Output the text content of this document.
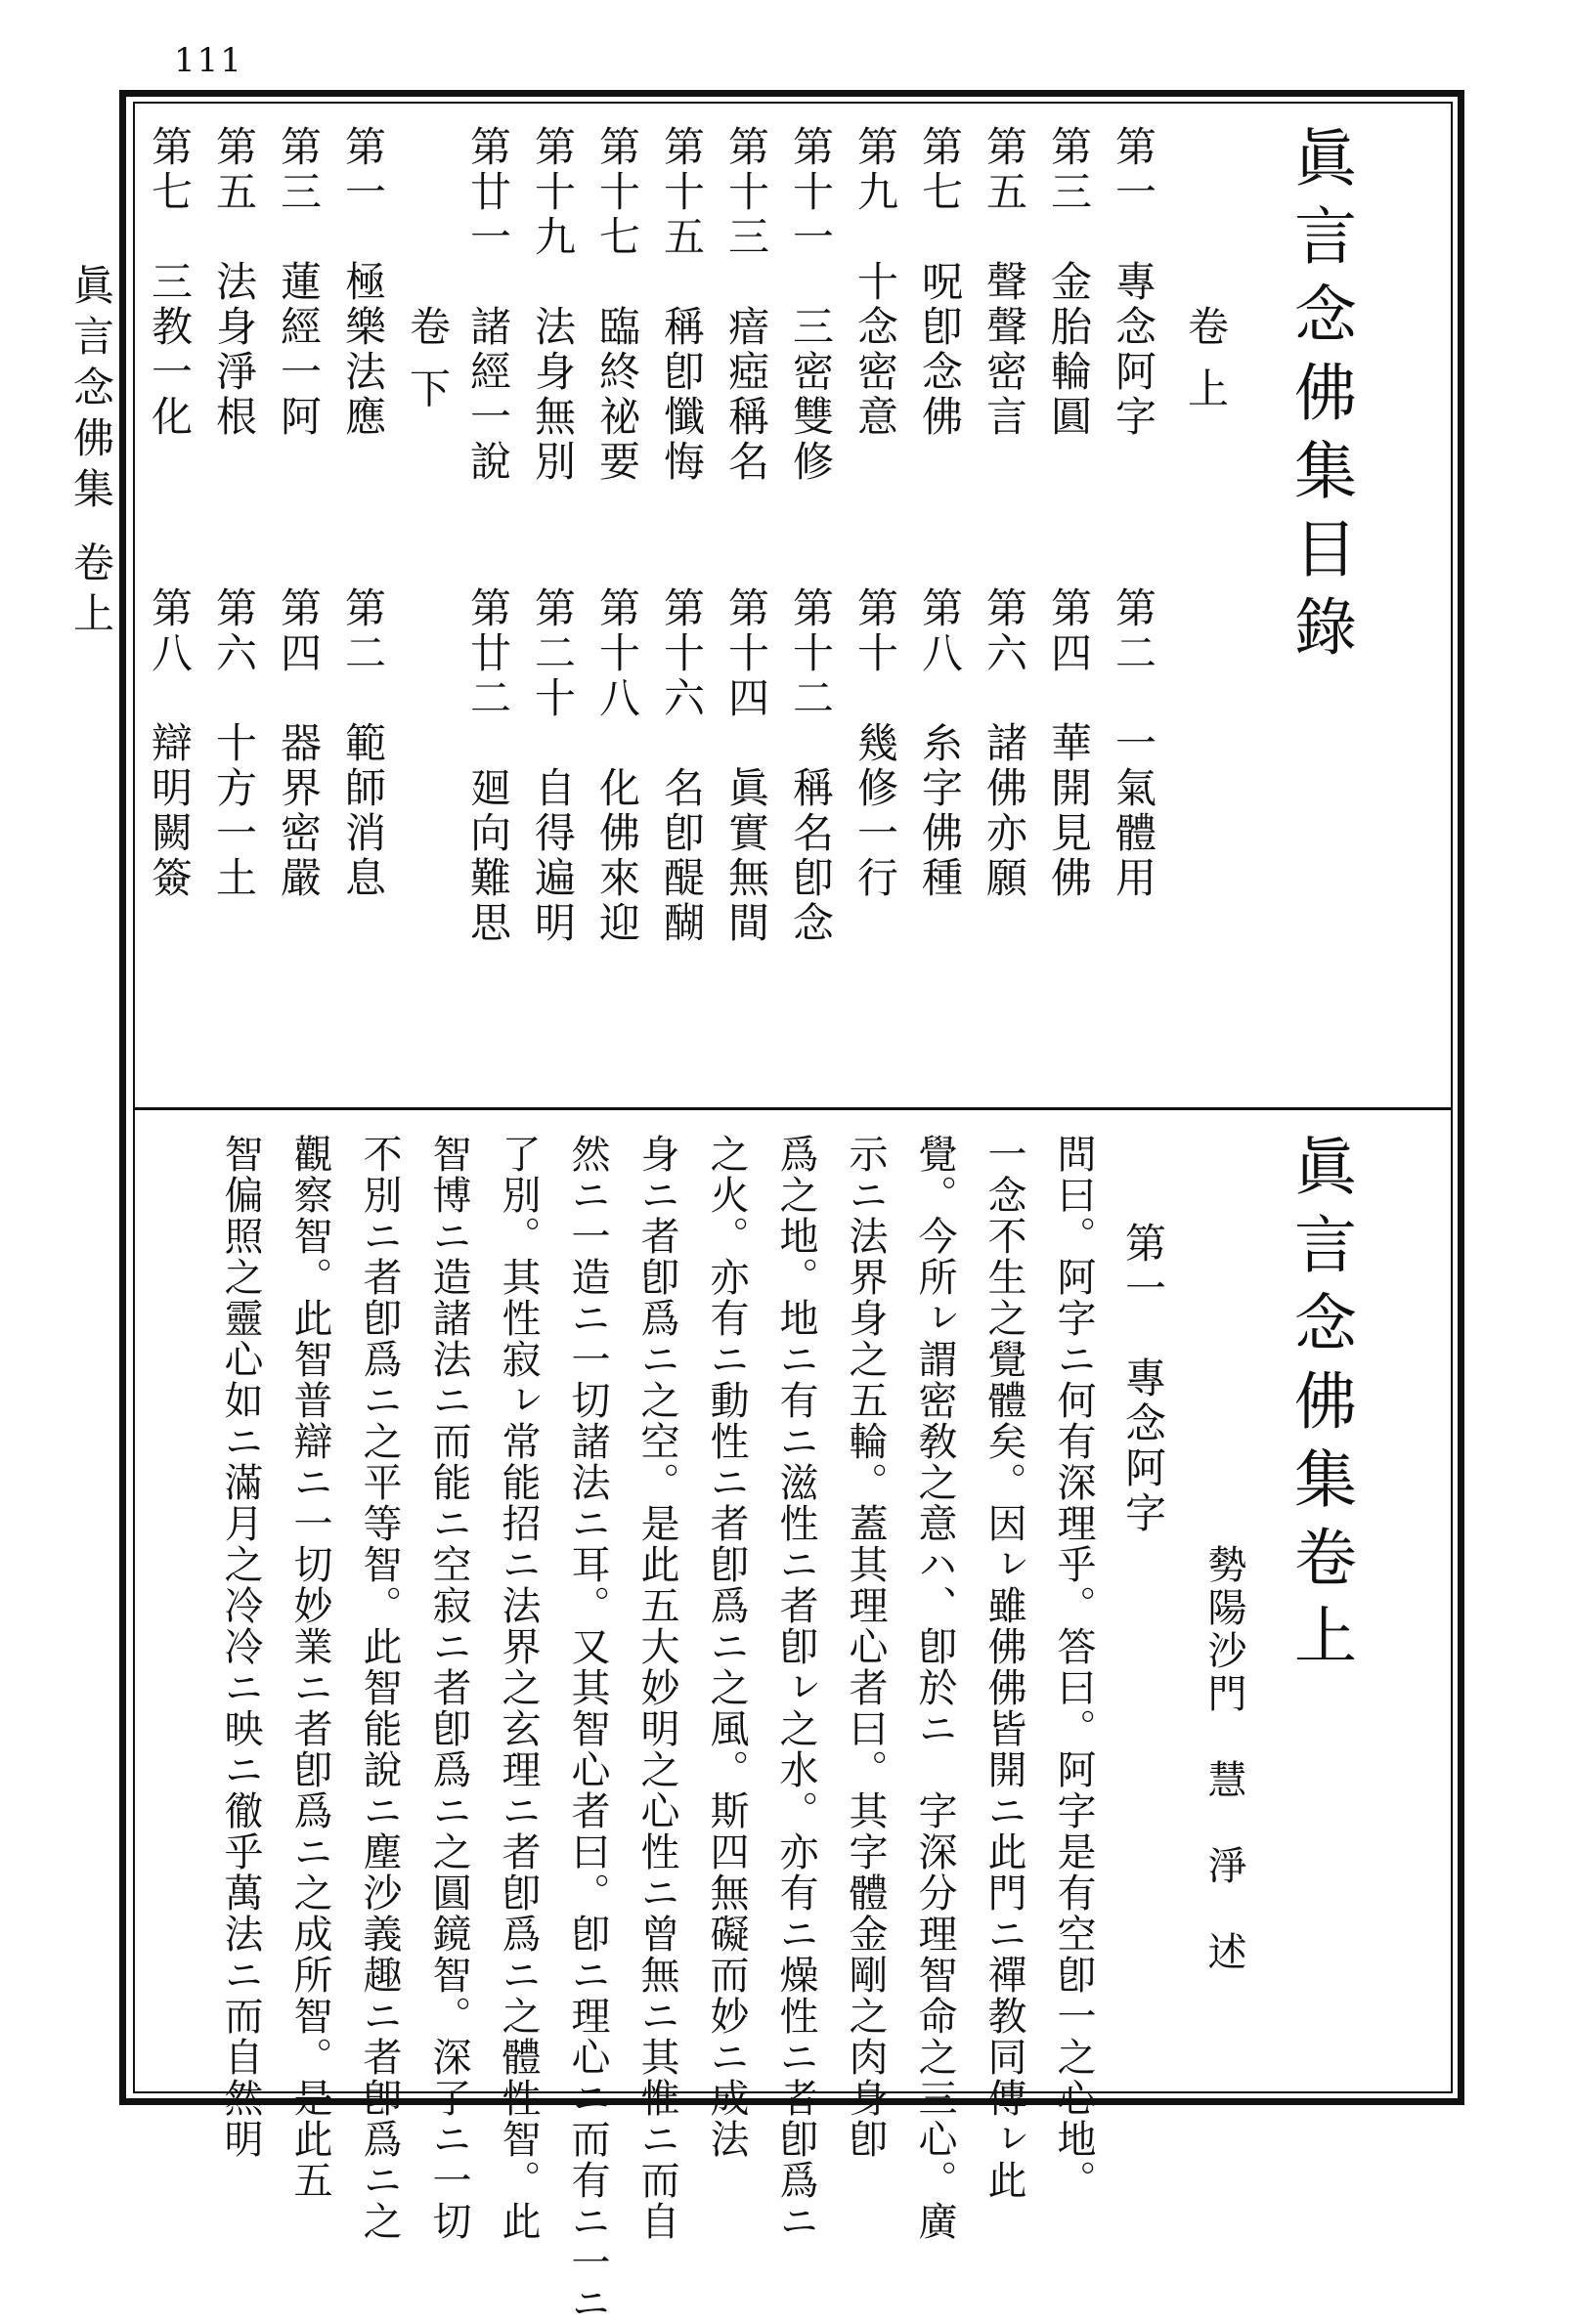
111
眞言念佛集 卷上	眞言念佛集目錄
卷 上
第一　專念阿字
第二　一氣體用
第三　金胎輪圓
第四　華開見佛
第五　聲聲密言
第六　諸佛亦願
第七　呪卽念佛
第八　糸字佛種
第九　十念密意
第十　幾修一行
第十一　三密雙修
第十二　稱名卽念
第十三　瘖瘂稱名
第十四　眞實無間
第十五　稱卽懺悔
第十六　名卽醍醐
第十七　臨終祕要
第十八　化佛來迎
第十九　法身無別
第二十　自得遍明
第廿一　諸經一說
第廿二　廻向難思
卷 下
第一　極樂法應
第二　範師消息
第三　蓮經一阿
第四　器界密嚴
第五　法身淨根
第六　十方一土
第七　三教一化
第八　辯明闕簽
眞言念佛集卷上
勢陽沙門　慧　淨　述
第一　專念阿字
問曰。阿字ニ何有深理乎。答曰。阿字是有空卽一之心地。
一念不生之覺體矣。因ㇾ雖佛佛皆開ニ此門ニ禪教同傳ㇾ此
覺。今所ㇾ謂密敎之意ハ、卽於ニ　字深分理智命之三心。廣
示ニ法界身之五輪。蓋其理心者曰。其字體金剛之肉身卽
爲之地。地ニ有ニ滋性ニ者卽ㇾ之水。亦有ニ燥性ニ者卽爲ニ
之火。亦有ニ動性ニ者卽爲ニ之風。斯四無礙而妙ニ成法
身ニ者卽爲ニ之空。是此五大妙明之心性ニ曾無ニ其惟ニ而自
然ニ一造ニ一切諸法ニ耳。又其智心者曰。卽ニ理心ニ而有ニ一ニ
了別。其性寂ㇾ常能招ニ法界之玄理ニ者卽爲ニ之體性智。此
智博ニ造諸法ニ而能ニ空寂ニ者卽爲ニ之圓鏡智。深了ニ一切
不別ニ者卽爲ニ之平等智。此智能說ニ塵沙義趣ニ者卽爲ニ之
觀察智。此智普辯ニ一切妙業ニ者卽爲ニ之成所智。是此五
智偏照之靈心如ニ滿月之冷冷ニ映ニ徹乎萬法ニ而自然明
